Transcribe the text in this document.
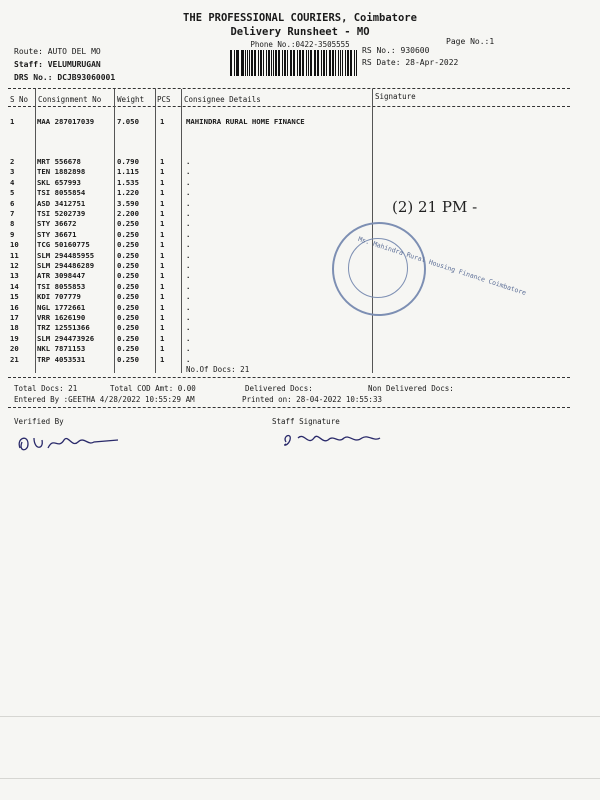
THE PROFESSIONAL COURIERS, Coimbatore
Delivery Runsheet - MO
Phone No.:0422-3505555	Page No.:1
Route: AUTO DEL MO
Staff: VELUMURUGAN
DRS No.: DCJB93060001
RS No.: 930600
RS Date: 28-Apr-2022
S No Consignment No Weight PCS Consignee Details	Signature
1	MAA 287017039	7.050	1	MAHINDRA RURAL HOME FINANCE
2	MRT 556678	0.790	1	.
3	TEN 1882898	1.115	1	.
4	SKL 657993	1.535	1	.
5	TSI 8055854	1.220	1	.
6	ASD 3412751	3.590	1	.
7	TSI 5202739	2.200	1	.
8	STY 36672	0.250	1	.
9	STY 36671	0.250	1	.
10 TCG 50160775	0.250	1	.
11 SLM 294485955	0.250	1	.
12 SLM 294486289	0.250	1	.
13 ATR 3098447	0.250	1	.
14 TSI 8055853	0.250	1	.
15 KDI 707779	0.250	1	.
16 NGL 1772661	0.250	1	.
17 VRR 1626190	0.250	1	.
18 TRZ 12551366	0.250	1	.
19 SLM 294473926	0.250	1	.
20 NKL 7871153	0.250	1	.
21 TRP 4053531	0.250	1	.
No.Of Docs: 21
Ms. Mahindra Rural Housing Finance Coimbatore
(2) 21 PM -
Total Docs: 21	Total COD Amt: 0.00	Delivered Docs:	Non Delivered Docs:
Entered By :GEETHA 4/28/2022 10:55:29 AM	Printed on: 28-04-2022 10:55:33
Verified By	Staff Signature
